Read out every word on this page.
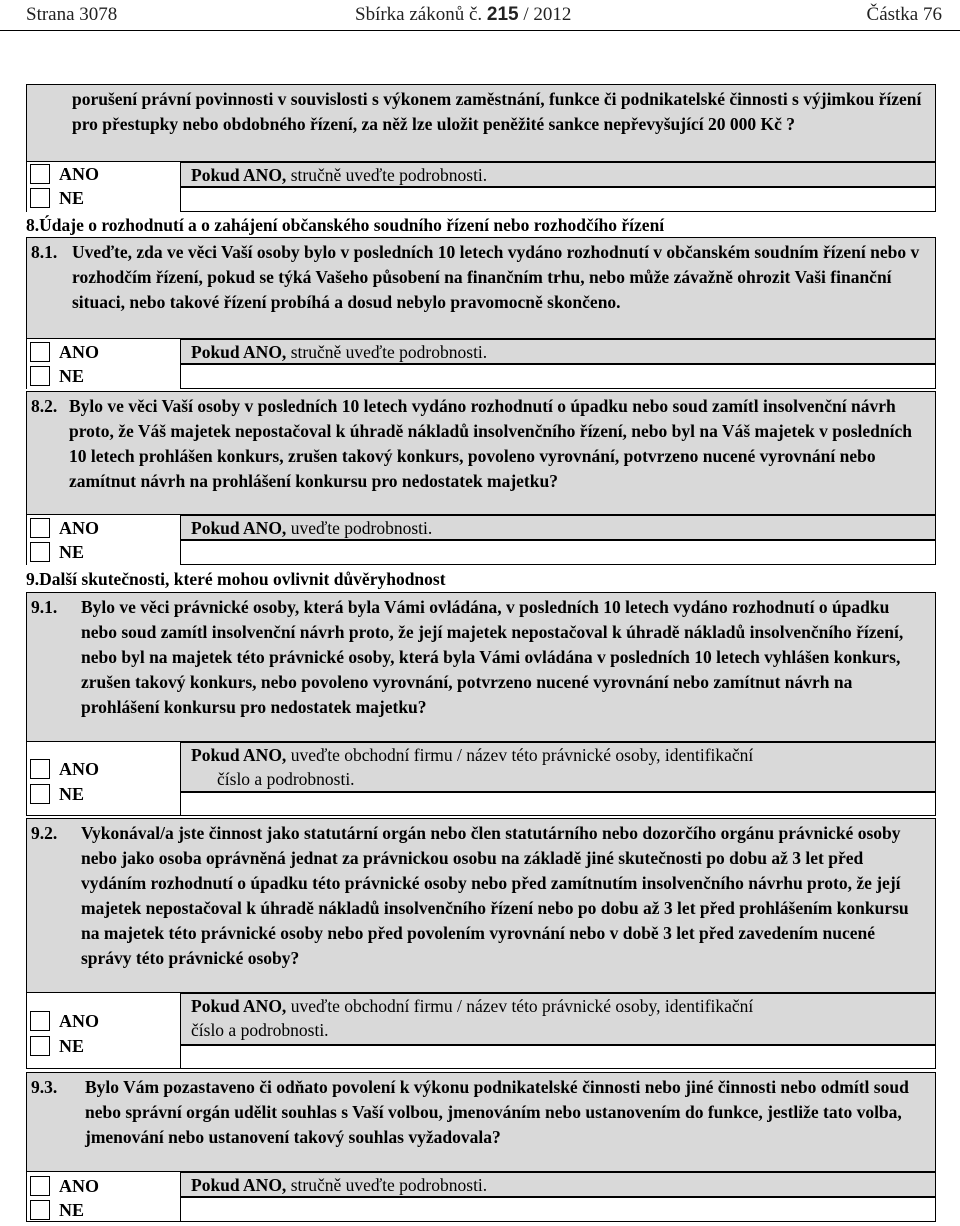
Strana 3078	Sbírka zákonů č. 215 / 2012	Částka 76
porušení právní povinnosti v souvislosti s výkonem zaměstnání, funkce či podnikatelské činnosti s výjimkou řízení pro přestupky nebo obdobného řízení, za něž lze uložit peněžité sankce nepřevyšující 20 000 Kč ?
ANO
NE
Pokud ANO, stručně uveďte podrobnosti.
8.Údaje o rozhodnutí a o zahájení občanského soudního řízení nebo rozhodčího řízení
8.1. Uveďte, zda ve věci Vaší osoby bylo v posledních 10 letech vydáno rozhodnutí v občanském soudním řízení nebo v rozhodčím řízení, pokud se týká Vašeho působení na finančním trhu, nebo může závažně ohrozit Vaši finanční situaci, nebo takové řízení probíhá a dosud nebylo pravomocně skončeno.
ANO
NE
Pokud ANO, stručně uveďte podrobnosti.
8.2. Bylo ve věci Vaší osoby v posledních 10 letech vydáno rozhodnutí o úpadku nebo soud zamítl insolvenční návrh proto, že Váš majetek nepostačoval k úhradě nákladů insolvenčního řízení, nebo byl na Váš majetek v posledních 10 letech prohlášen konkurs, zrušen takový konkurs, povoleno vyrovnání, potvrzeno nucené vyrovnání nebo zamítnut návrh na prohlášení konkursu pro nedostatek majetku?
ANO
NE
Pokud ANO, uveďte podrobnosti.
9.Další skutečnosti, které mohou ovlivnit důvěryhodnost
9.1. Bylo ve věci právnické osoby, která byla Vámi ovládána, v posledních 10 letech vydáno rozhodnutí o úpadku nebo soud zamítl insolvenční návrh proto, že její majetek nepostačoval k úhradě nákladů insolvenčního řízení, nebo byl na majetek této právnické osoby, která byla Vámi ovládána v posledních 10 letech vyhlášen konkurs, zrušen takový konkurs, nebo povoleno vyrovnání, potvrzeno nucené vyrovnání nebo zamítnut návrh na prohlášení konkursu pro nedostatek majetku?
ANO
NE
Pokud ANO, uveďte obchodní firmu / název této právnické osoby, identifikační
číslo a podrobnosti.
9.2. Vykonával/a jste činnost jako statutární orgán nebo člen statutárního nebo dozorčího orgánu právnické osoby nebo jako osoba oprávněná jednat za právnickou osobu na základě jiné skutečnosti po dobu až 3 let před vydáním rozhodnutí o úpadku této právnické osoby nebo před zamítnutím insolvenčního návrhu proto, že její majetek nepostačoval k úhradě nákladů insolvenčního řízení nebo po dobu až 3 let před prohlášením konkursu na majetek této právnické osoby nebo před povolením vyrovnání nebo v době 3 let před zavedením nucené správy této právnické osoby?
ANO
NE
Pokud ANO, uveďte obchodní firmu / název této právnické osoby, identifikační
číslo a podrobnosti.
9.3. Bylo Vám pozastaveno či odňato povolení k výkonu podnikatelské činnosti nebo jiné činnosti nebo odmítl soud nebo správní orgán udělit souhlas s Vaší volbou, jmenováním nebo ustanovením do funkce, jestliže tato volba, jmenování nebo ustanovení takový souhlas vyžadovala?
ANO
NE
Pokud ANO, stručně uveďte podrobnosti.
